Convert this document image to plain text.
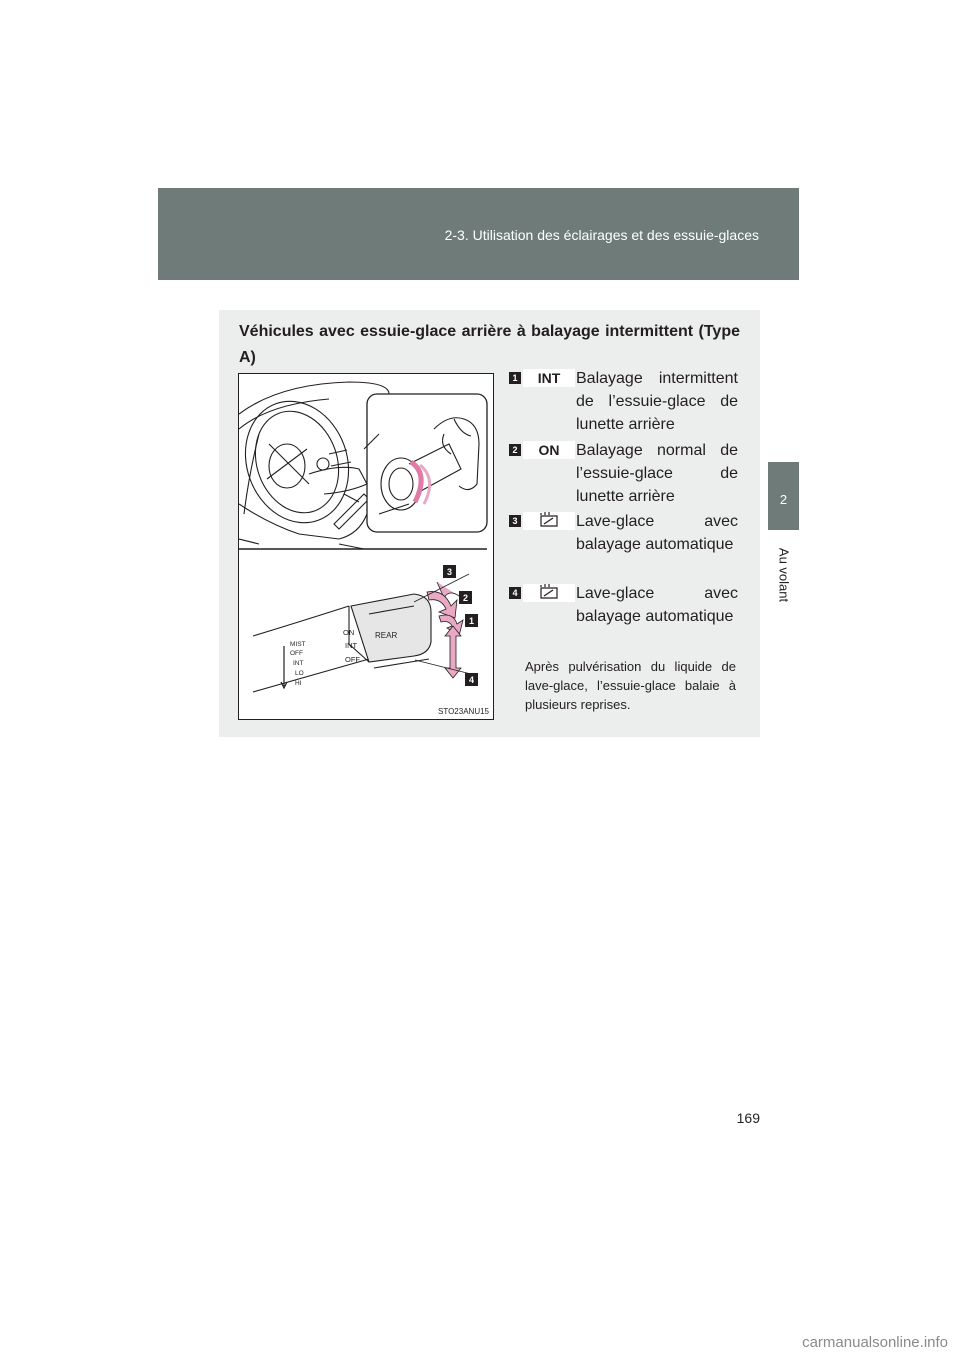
2-3. Utilisation des éclairages et des essuie-glaces
2
Au volant
Véhicules avec essuie-glace arrière à balayage intermittent (Type A)
MIST
OFF
INT
LO
HI
ON
INT
OFF
REAR
3
2
1
4
STO23ANU15
1	INT Balayage intermittent de l’essuie-glace de lunette arrière
2	ON	Balayage normal de l’essuie-glace de lunette arrière
3	Lave-glace avec balayage automatique
4	Lave-glace avec balayage automatique
Après pulvérisation du liquide de lave-glace, l’essuie-glace balaie à plusieurs reprises.
169
carmanualsonline.info
